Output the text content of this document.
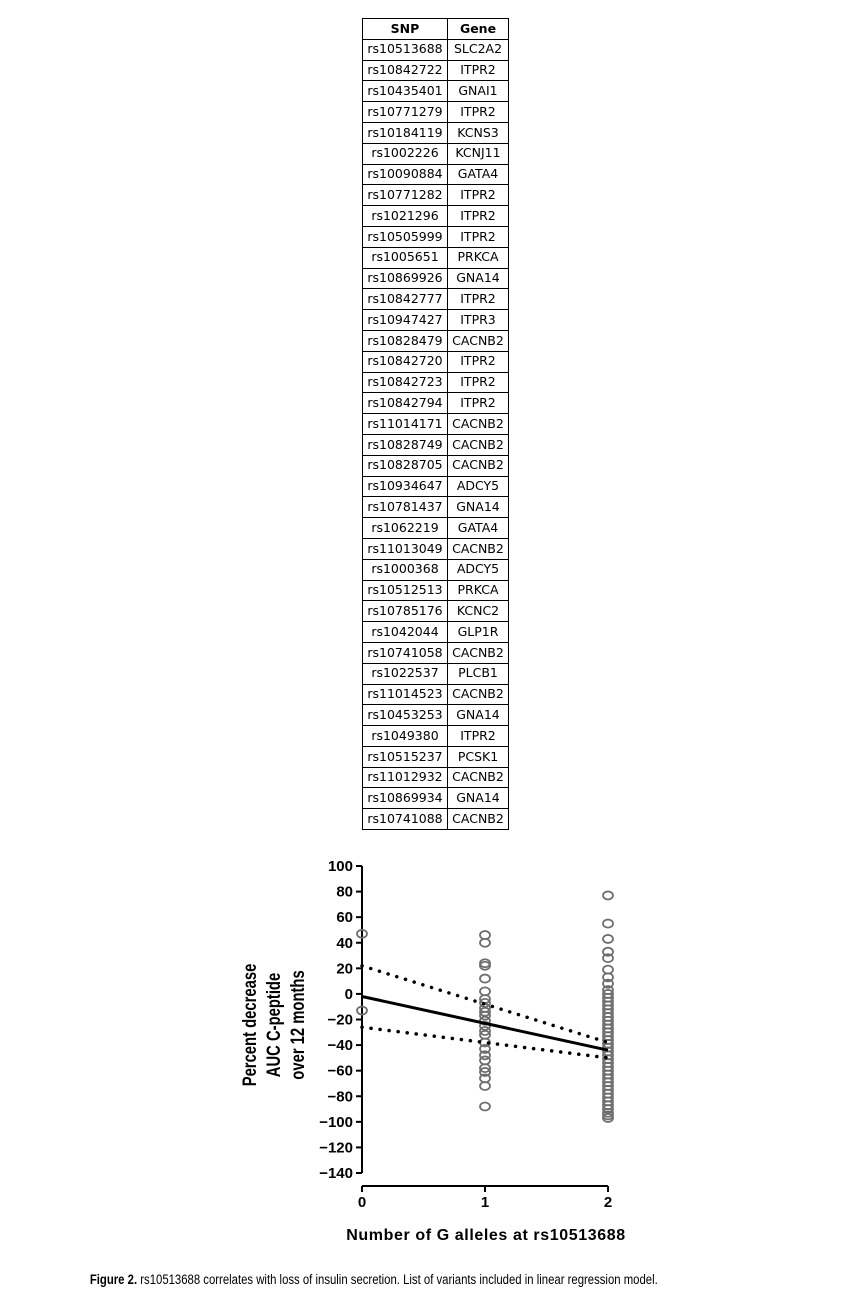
SNP	Gene
rs10513688	SLC2A2
rs10842722	ITPR2
rs10435401	GNAI1
rs10771279	ITPR2
rs10184119	KCNS3
rs1002226	KCNJ11
rs10090884	GATA4
rs10771282	ITPR2
rs1021296	ITPR2
rs10505999	ITPR2
rs1005651	PRKCA
rs10869926	GNA14
rs10842777	ITPR2
rs10947427	ITPR3
rs10828479	CACNB2
rs10842720	ITPR2
rs10842723	ITPR2
rs10842794	ITPR2
rs11014171	CACNB2
rs10828749	CACNB2
rs10828705	CACNB2
rs10934647	ADCY5
rs10781437	GNA14
rs1062219	GATA4
rs11013049	CACNB2
rs1000368	ADCY5
rs10512513	PRKCA
rs10785176	KCNC2
rs1042044	GLP1R
rs10741058	CACNB2
rs1022537	PLCB1
rs11014523	CACNB2
rs10453253	GNA14
rs1049380	ITPR2
rs10515237	PCSK1
rs11012932	CACNB2
rs10869934	GNA14
rs10741088	CACNB2
100
80
60
40
20
0
−20
−40
−60
−80
−100
−120
−140
0	1	2
Percent decrease AUC C-peptide over 12 months
Number of G alleles at rs10513688
Figure 2. rs10513688 correlates with loss of insulin secretion. List of variants included in linear regression model.
